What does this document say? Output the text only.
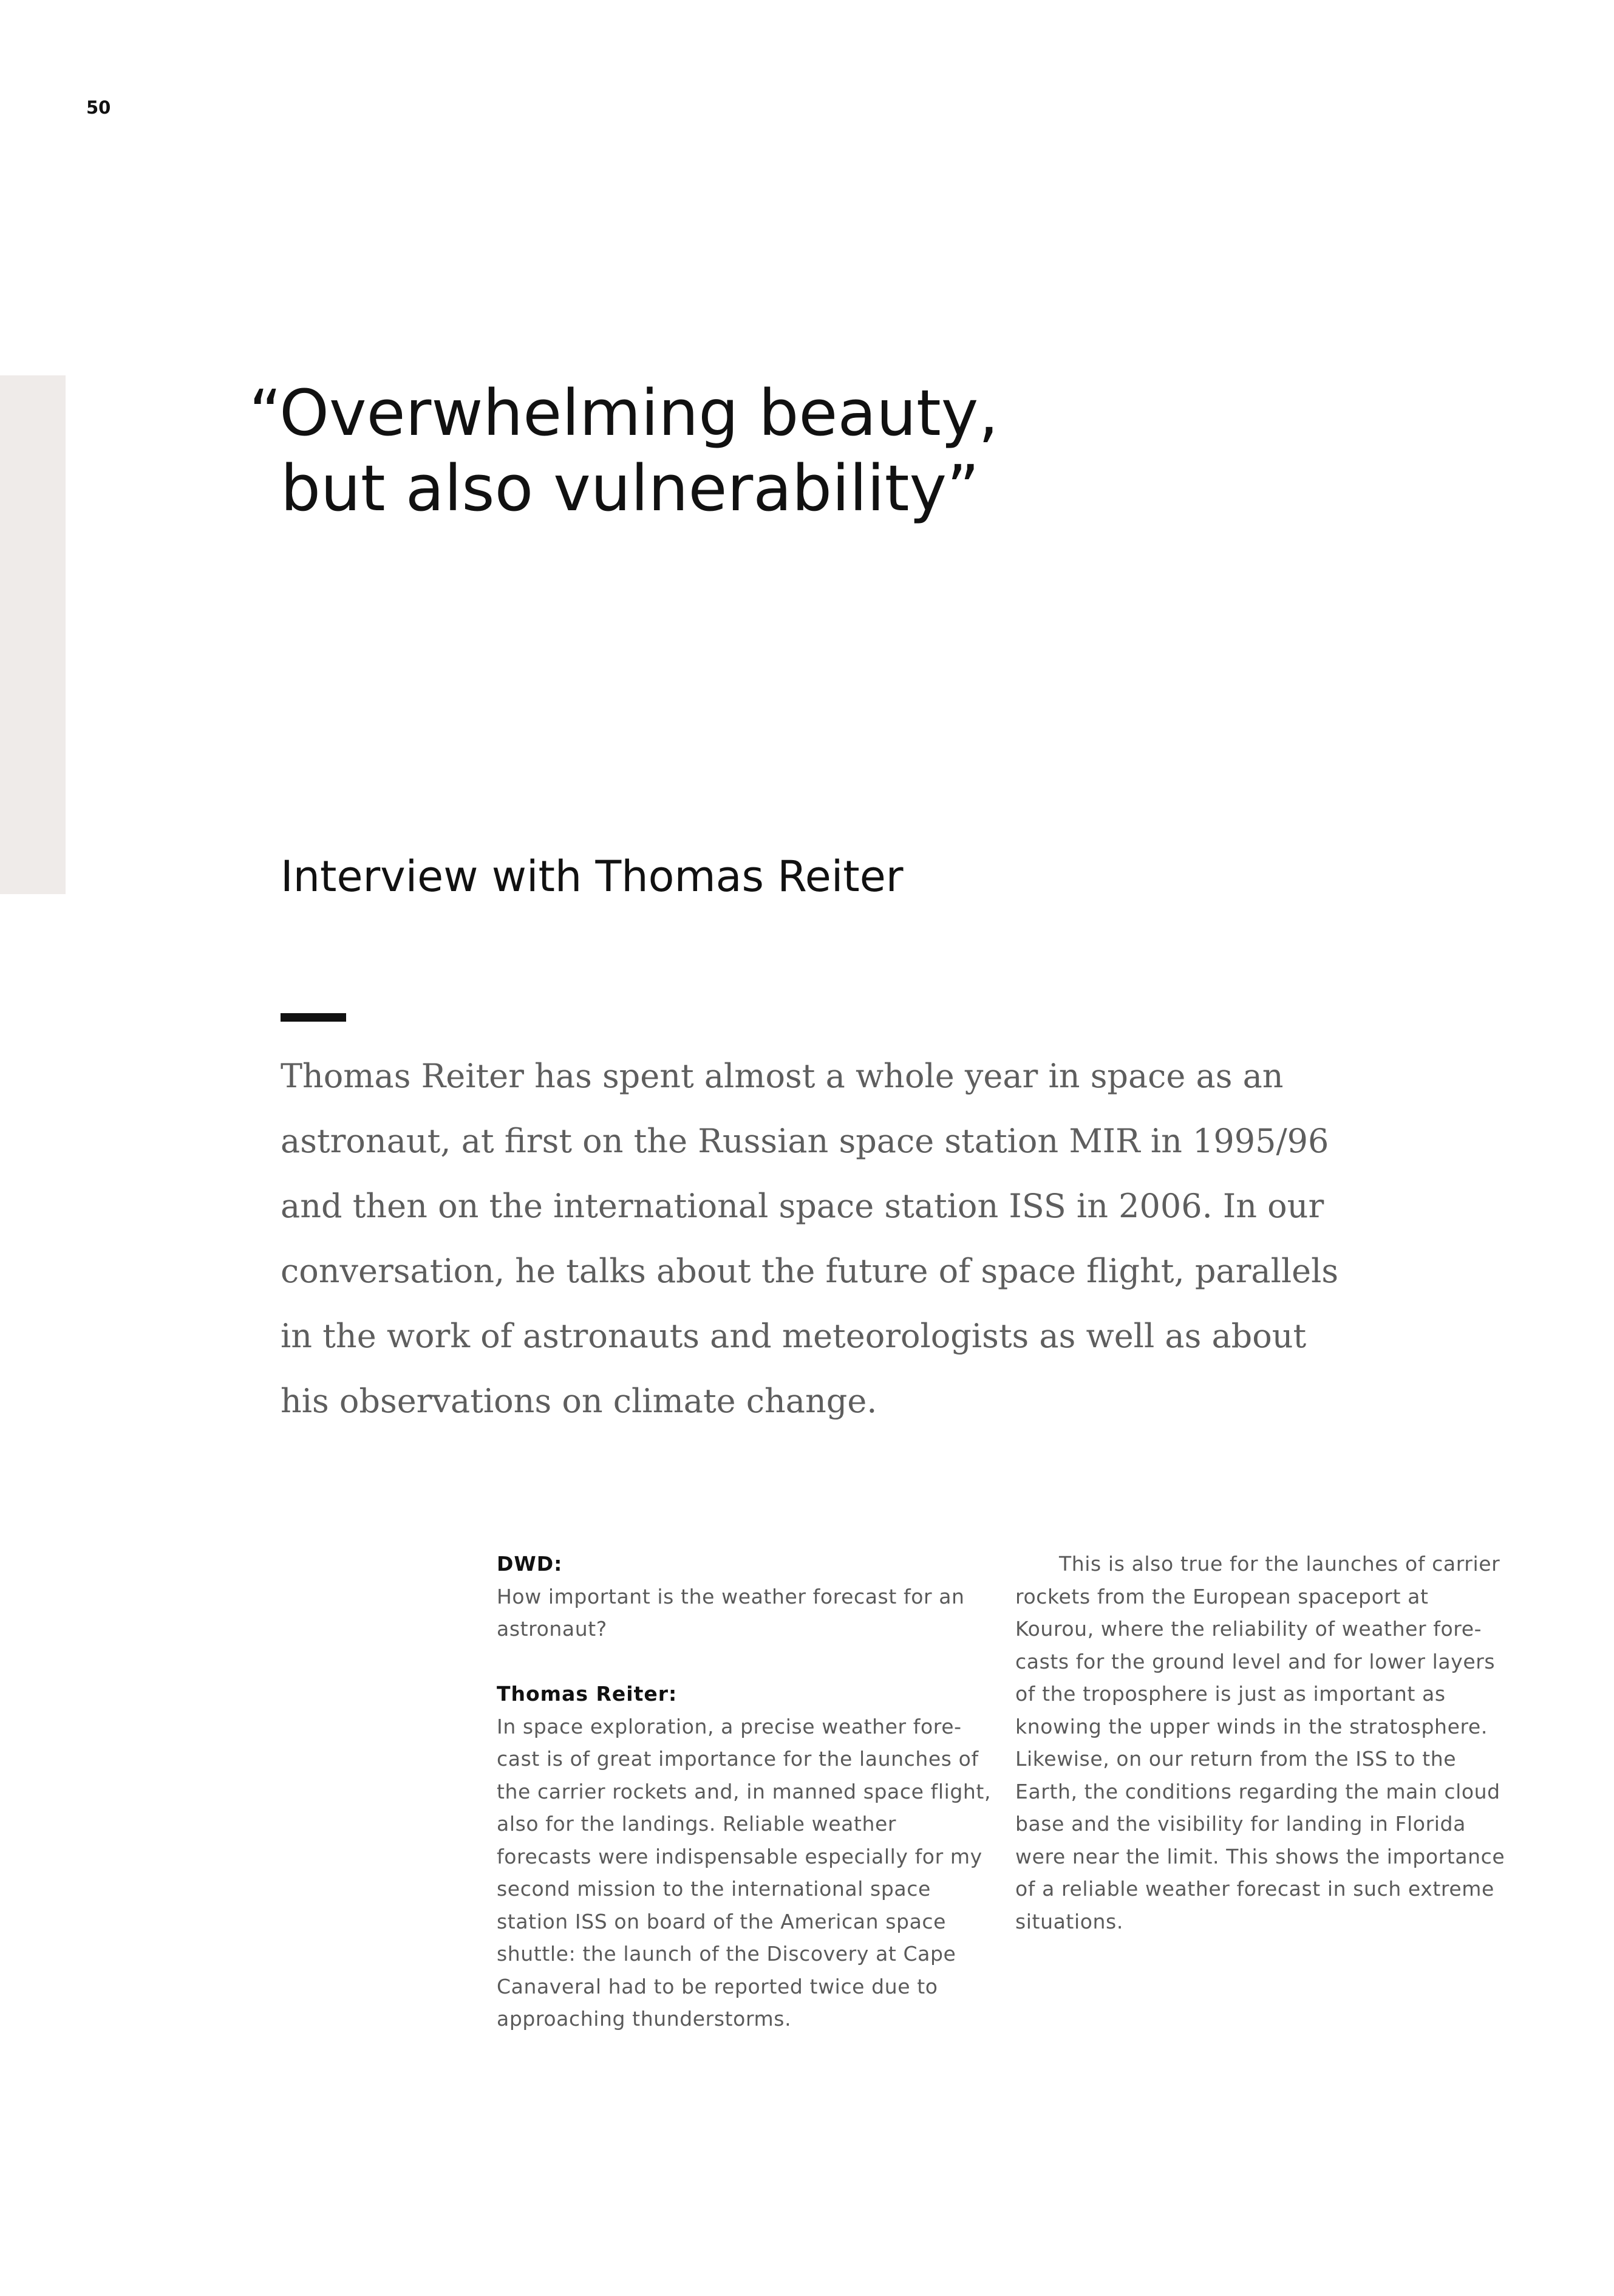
50
“Overwhelming beauty,
but also vulnerability”
Interview with Thomas Reiter

Thomas Reiter has spent almost a whole year in space as an astronaut, at first on the Russian space station MIR in 1995/96 and then on the international space station ISS in 2006. In our conversation, he talks about the future of space flight, parallels in the work of astronauts and meteorologists as well as about his observations on climate change.

DWD:
How important is the weather forecast for an astronaut?
Thomas Reiter:
In space exploration, a precise weather fore-cast is of great importance for the launches of the carrier rockets and, in manned space flight, also for the landings. Reliable weather forecasts were indispensable especially for my second mission to the international space station ISS on board of the American space shuttle: the launch of the Discovery at Cape Canaveral had to be reported twice due to approaching thunderstorms.
This is also true for the launches of carrier rockets from the European spaceport at Kourou, where the reliability of weather fore-casts for the ground level and for lower layers of the troposphere is just as important as knowing the upper winds in the stratosphere. Likewise, on our return from the ISS to the Earth, the conditions regarding the main cloud base and the visibility for landing in Florida were near the limit. This shows the importance of a reliable weather forecast in such extreme situations.
